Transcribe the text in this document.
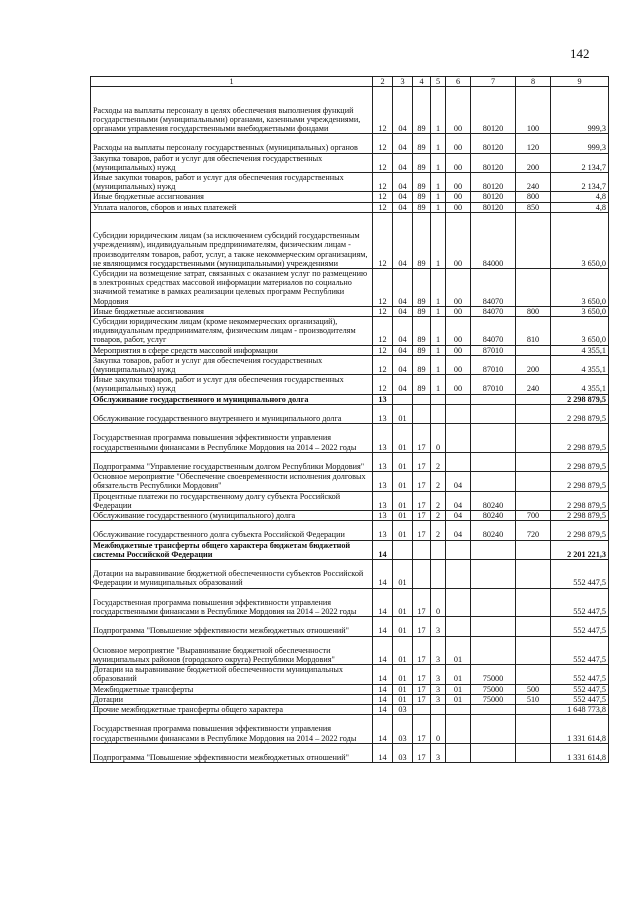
142
1	2	3	4	5	6	7	8	9
Расходы на выплаты персоналу в целях обеспечения выполнения функций государственными (муниципальными) органами, казенными учреждениями, органами управления государственными внебюджетными фондами	12	04	89	1	00	80120	100	999,3
Расходы на выплаты персоналу государственных (муниципальных) органов	12	04	89	1	00	80120	120	999,3
Закупка товаров, работ и услуг для обеспечения государственных (муниципальных) нужд	12	04	89	1	00	80120	200	2 134,7
Иные закупки товаров, работ и услуг для обеспечения государственных (муниципальных) нужд	12	04	89	1	00	80120	240	2 134,7
Иные бюджетные ассигнования	12	04	89	1	00	80120	800	4,8
Уплата налогов, сборов и иных платежей	12	04	89	1	00	80120	850	4,8
Субсидии юридическим лицам (за исключением субсидий государственным учреждениям), индивидуальным предпринимателям, физическим лицам - производителям товаров, работ, услуг, а также некоммерческим организациям, не являющимся государственными (муниципальными) учреждениями	12	04	89	1	00	84000		3 650,0
Субсидии на возмещение затрат, связанных с оказанием услуг по размещению в электронных средствах массовой информации материалов по социально значимой тематике в рамках реализации целевых программ Республики Мордовия	12	04	89	1	00	84070		3 650,0
Иные бюджетные ассигнования	12	04	89	1	00	84070	800	3 650,0
Субсидии юридическим лицам (кроме некоммерческих организаций), индивидуальным предпринимателям, физическим лицам - производителям товаров, работ, услуг	12	04	89	1	00	84070	810	3 650,0
Мероприятия в сфере средств массовой информации	12	04	89	1	00	87010		4 355,1
Закупка товаров, работ и услуг для обеспечения государственных (муниципальных) нужд	12	04	89	1	00	87010	200	4 355,1
Иные закупки товаров, работ и услуг для обеспечения государственных (муниципальных) нужд	12	04	89	1	00	87010	240	4 355,1
Обслуживание государственного и муниципального долга	13							2 298 879,5
Обслуживание государственного внутреннего и муниципального долга	13	01						2 298 879,5
Государственная программа повышения эффективности управления государственными финансами в Республике Мордовия на 2014 – 2022 годы	13	01	17	0				2 298 879,5
Подпрограмма "Управление государственным долгом Республики Мордовия"	13	01	17	2				2 298 879,5
Основное мероприятие "Обеспечение своевременности исполнения долговых обязательств Республики Мордовия"	13	01	17	2	04			2 298 879,5
Процентные платежи по государственному долгу субъекта Российской Федерации	13	01	17	2	04	80240		2 298 879,5
Обслуживание государственного (муниципального) долга	13	01	17	2	04	80240	700	2 298 879,5
Обслуживание государственного долга субъекта Российской Федерации	13	01	17	2	04	80240	720	2 298 879,5
Межбюджетные трансферты общего характера бюджетам бюджетной системы Российской Федерации	14							2 201 221,3
Дотации на выравнивание бюджетной обеспеченности субъектов Российской Федерации и муниципальных образований	14	01						552 447,5
Государственная программа повышения эффективности управления государственными финансами в Республике Мордовия на 2014 – 2022 годы	14	01	17	0				552 447,5
Подпрограмма "Повышение эффективности межбюджетных отношений"	14	01	17	3				552 447,5
Основное мероприятие "Выравнивание бюджетной обеспеченности муниципальных районов (городского округа) Республики Мордовия"	14	01	17	3	01			552 447,5
Дотации на выравнивание бюджетной обеспеченности муниципальных образований	14	01	17	3	01	75000		552 447,5
Межбюджетные трансферты	14	01	17	3	01	75000	500	552 447,5
Дотации	14	01	17	3	01	75000	510	552 447,5
Прочие межбюджетные трансферты общего характера	14	03						1 648 773,8
Государственная программа повышения эффективности управления государственными финансами в Республике Мордовия на 2014 – 2022 годы	14	03	17	0				1 331 614,8
Подпрограмма "Повышение эффективности межбюджетных отношений"	14	03	17	3				1 331 614,8
